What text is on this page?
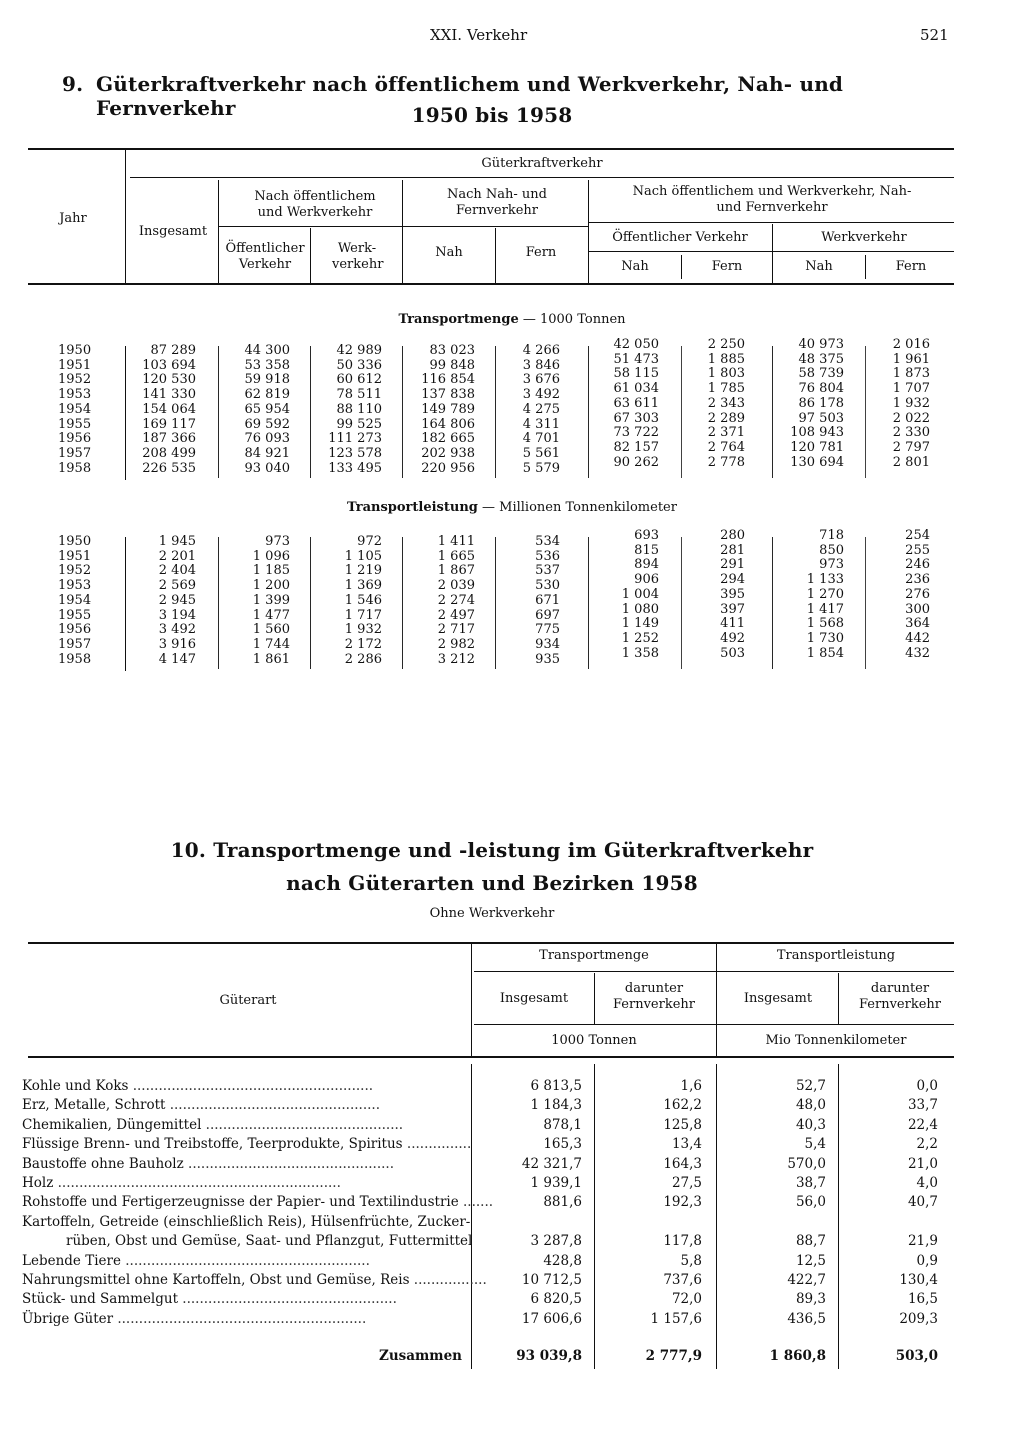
XXI. Verkehr	521
9. Güterkraftverkehr nach öffentlichem und Werkverkehr, Nah- und Fernverkehr	1950 bis 1958
Jahr
Güterkraftverkehr
Insgesamt
Nach öffentlichem und Werkverkehr
Nach Nah- und Fernverkehr
Nach öffentlichem und Werkverkehr, Nah- und Fernverkehr
Öffentlicher Verkehr
Werk- verkehr
Nah	Fern
Öffentlicher Verkehr	Werkverkehr
Nah	Fern	Nah	Fern
Transportmenge — 1000 Tonnen
1950	87 289	44 300	42 989	83 023	4 266	42 050	2 250	40 973	2 016
1951	103 694	53 358	50 336	99 848	3 846	51 473	1 885	48 375	1 961
1952	120 530	59 918	60 612	116 854	3 676	58 115	1 803	58 739	1 873
1953	141 330	62 819	78 511	137 838	3 492	61 034	1 785	76 804	1 707
1954	154 064	65 954	88 110	149 789	4 275	63 611	2 343	86 178	1 932
1955	169 117	69 592	99 525	164 806	4 311	67 303	2 289	97 503	2 022
1956	187 366	76 093	111 273	182 665	4 701	73 722	2 371	108 943	2 330
1957	208 499	84 921	123 578	202 938	5 561	82 157	2 764	120 781	2 797
1958	226 535	93 040	133 495	220 956	5 579	90 262	2 778	130 694	2 801
Transportleistung — Millionen Tonnenkilometer
1950	1 945	973	972	1 411	534	693	280	718	254
1951	2 201	1 096	1 105	1 665	536	815	281	850	255
1952	2 404	1 185	1 219	1 867	537	894	291	973	246
1953	2 569	1 200	1 369	2 039	530	906	294	1 133	236
1954	2 945	1 399	1 546	2 274	671	1 004	395	1 270	276
1955	3 194	1 477	1 717	2 497	697	1 080	397	1 417	300
1956	3 492	1 560	1 932	2 717	775	1 149	411	1 568	364
1957	3 916	1 744	2 172	2 982	934	1 252	492	1 730	442
1958	4 147	1 861	2 286	3 212	935	1 358	503	1 854	432
10. Transportmenge und -leistung im Güterkraftverkehr
nach Güterarten und Bezirken 1958
Ohne Werkverkehr
Güterart
Transportmenge	Transportleistung
Insgesamt
darunter Fernverkehr	Insgesamt
darunter Fernverkehr
1000 Tonnen	Mio Tonnenkilometer
Kohle und Koks ........................................................	6 813,5	1,6	52,7	0,0
Erz, Metalle, Schrott .................................................	1 184,3	162,2	48,0	33,7
Chemikalien, Düngemittel ..............................................	878,1	125,8	40,3	22,4
Flüssige Brenn- und Treibstoffe, Teerprodukte, Spiritus ...............	165,3	13,4	5,4	2,2
Baustoffe ohne Bauholz ................................................	42 321,7	164,3	570,0	21,0
Holz ..................................................................	1 939,1	27,5	38,7	4,0
Rohstoffe und Fertigerzeugnisse der Papier- und Textilindustrie .......	881,6	192,3	56,0	40,7
Kartoffeln, Getreide (einschließlich Reis), Hülsenfrüchte, Zucker-
rüben, Obst und Gemüse, Saat- und Pflanzgut, Futtermittel	3 287,8	117,8	88,7	21,9
Lebende Tiere .........................................................	428,8	5,8	12,5	0,9
Nahrungsmittel ohne Kartoffeln, Obst und Gemüse, Reis .................	10 712,5	737,6	422,7	130,4
Stück- und Sammelgut ..................................................	6 820,5	72,0	89,3	16,5
Übrige Güter ..........................................................	17 606,6	1 157,6	436,5	209,3
Zusammen	93 039,8	2 777,9	1 860,8	503,0
